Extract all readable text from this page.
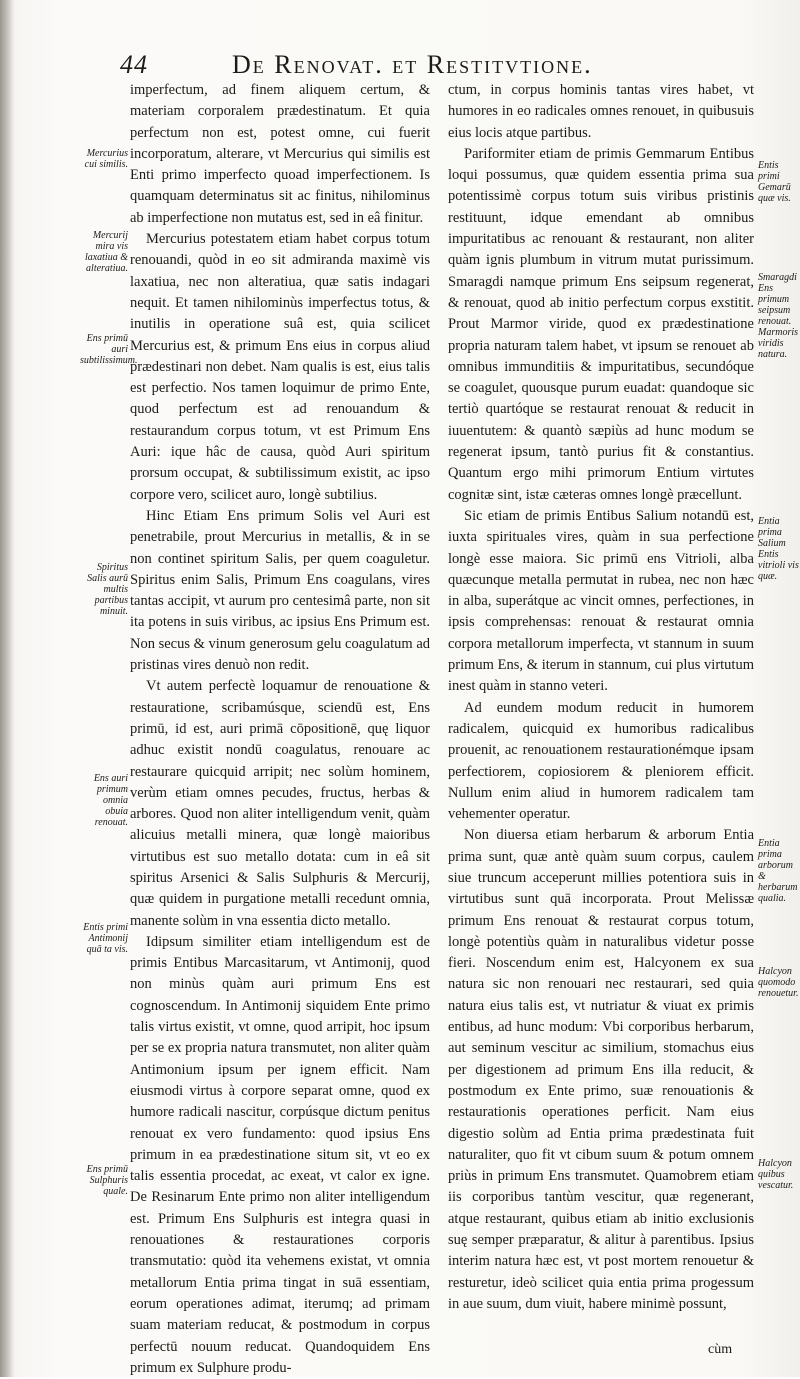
44	De Renovat. et Restitvtione.
Mercurius cui similis.
Mercurij mira vis laxatiua & alteratiua.
Ens primū auri subtilissimum.
Spiritus Salis aurū multis partibus minuit.
Ens auri primum omnia obuia renouat.
Entis primi Antimonij quā ta vis.
Ens primū Sulphuris quale.

imperfectum, ad finem aliquem certum, & materiam corporalem prædestinatum. Et quia perfectum non est, potest omne, cui fuerit incorporatum, alterare, vt Mercurius qui similis est Enti primo imperfecto quoad imperfectionem. Is quamquam determinatus sit ac finitus, nihilominus ab imperfectione non mutatus est, sed in eâ finitur.

Mercurius potestatem etiam habet corpus totum renouandi, quòd in eo sit admiranda maximè vis laxatiua, nec non alteratiua, quæ satis indagari nequit. Et tamen nihilominùs imperfectus totus, & inutilis in operatione suâ est, quia scilicet Mercurius est, & primum Ens eius in corpus aliud prædestinari non debet. Nam qualis is est, eius talis est perfectio. Nos tamen loquimur de primo Ente, quod perfectum est ad renouandum & restaurandum corpus totum, vt est Primum Ens Auri: ique hâc de causa, quòd Auri spiritum prorsum occupat, & subtilissimum existit, ac ipso corpore vero, scilicet auro, longè subtilius.

Hinc Etiam Ens primum Solis vel Auri est penetrabile, prout Mercurius in metallis, & in se non continet spiritum Salis, per quem coaguletur. Spiritus enim Salis, Primum Ens coagulans, vires tantas accipit, vt aurum pro centesimâ parte, non sit ita potens in suis viribus, ac ipsius Ens Primum est. Non secus & vinum generosum gelu coagulatum ad pristinas vires denuò non redit.

Vt autem perfectè loquamur de renouatione & restauratione, scribamúsque, sciendū est, Ens primū, id est, auri primā cōpositionē, quę liquor adhuc existit nondū coagulatus, renouare ac restaurare quicquid arripit; nec solùm hominem, verùm etiam omnes pecudes, fructus, herbas & arbores. Quod non aliter intelligendum venit, quàm alicuius metalli minera, quæ longè maioribus virtutibus est suo metallo dotata: cum in eâ sit spiritus Arsenici & Salis Sulphuris & Mercurij, quæ quidem in purgatione metalli recedunt omnia, manente solùm in vna essentia dicto metallo.

Idipsum similiter etiam intelligendum est de primis Entibus Marcasitarum, vt Antimonij, quod non minùs quàm auri primum Ens est cognoscendum. In Antimonij siquidem Ente primo talis virtus existit, vt omne, quod arripit, hoc ipsum per se ex propria natura transmutet, non aliter quàm Antimonium ipsum per ignem efficit. Nam eiusmodi virtus à corpore separat omne, quod ex humore radicali nascitur, corpúsque dictum penitus renouat ex vero fundamento: quod ipsius Ens primum in ea prædestinatione situm sit, vt eo ex talis essentia procedat, ac exeat, vt calor ex igne. De Resinarum Ente primo non aliter intelligendum est. Primum Ens Sulphuris est integra quasi in renouationes & restaurationes corporis transmutatio: quòd ita vehemens existat, vt omnia metallorum Entia prima tingat in suā essentiam, eorum operationes adimat, iterumq; ad primam suam materiam reducat, & postmodum in corpus perfectū nouum reducat. Quandoquidem Ens primum ex Sulphure produ-

ctum, in corpus hominis tantas vires habet, vt humores in eo radicales omnes renouet, in quibusuis eius locis atque partibus.

Pariformiter etiam de primis Gemmarum Entibus loqui possumus, quæ quidem essentia prima sua potentissimè corpus totum suis viribus pristinis restituunt, idque emendant ab omnibus impuritatibus ac renouant & restaurant, non aliter quàm ignis plumbum in vitrum mutat purissimum. Smaragdi namque primum Ens seipsum regenerat, & renouat, quod ab initio perfectum corpus exstitit. Prout Marmor viride, quod ex prædestinatione propria naturam talem habet, vt ipsum se renouet ab omnibus immunditiis & impuritatibus, secundóque se coagulet, quousque purum euadat: quandoque sic tertiò quartóque se restaurat renouat & reducit in iuuentutem: & quantò sæpiùs ad hunc modum se regenerat ipsum, tantò purius fit & constantius. Quantum ergo mihi primorum Entium virtutes cognitæ sint, istæ cæteras omnes longè præcellunt.

Sic etiam de primis Entibus Salium notandū est, iuxta spirituales vires, quàm in sua perfectione longè esse maiora. Sic primū ens Vitrioli, alba quæcunque metalla permutat in rubea, nec non hæc in alba, superátque ac vincit omnes, perfectiones, in ipsis comprehensas: renouat & restaurat omnia corpora metallorum imperfecta, vt stannum in suum primum Ens, & iterum in stannum, cui plus virtutum inest quàm in stanno veteri.

Ad eundem modum reducit in humorem radicalem, quicquid ex humoribus radicalibus prouenit, ac renouationem restaurationémque ipsam perfectiorem, copiosiorem & pleniorem efficit. Nullum enim aliud in humorem radicalem tam vehementer operatur.

Non diuersa etiam herbarum & arborum Entia prima sunt, quæ antè quàm suum corpus, caulem siue truncum acceperunt millies potentiora suis in virtutibus sunt quā incorporata. Prout Melissæ primum Ens renouat & restaurat corpus totum, longè potentiùs quàm in naturalibus videtur posse fieri. Noscendum enim est, Halcyonem ex sua natura sic non renouari nec restaurari, sed quia natura eius talis est, vt nutriatur & viuat ex primis entibus, ad hunc modum: Vbi corporibus herbarum, aut seminum vescitur ac similium, stomachus eius per digestionem ad primum Ens illa reducit, & postmodum ex Ente primo, suæ renouationis & restaurationis operationes perficit. Nam eius digestio solùm ad Entia prima prædestinata fuit naturaliter, quo fit vt cibum suum & potum omnem priùs in primum Ens transmutet. Quamobrem etiam iis corporibus tantùm vescitur, quæ regenerant, atque restaurant, quibus etiam ab initio exclusionis suę semper præparatur, & alitur à parentibus. Ipsius interim natura hæc est, vt post mortem renouetur & resturetur, ideò scilicet quia entia prima progessum in aue suum, dum viuit, habere minimè possunt,

Entis primi Gemarū quæ vis.
Smaragdi Ens primum seipsum renouat. Marmoris viridis natura.
Entia prima Salium Entis vitrioli vis quæ.
Entia prima arborum & herbarum qualia.
Halcyon quomodo renouetur.
Halcyon quibus vescatur.
cùm
